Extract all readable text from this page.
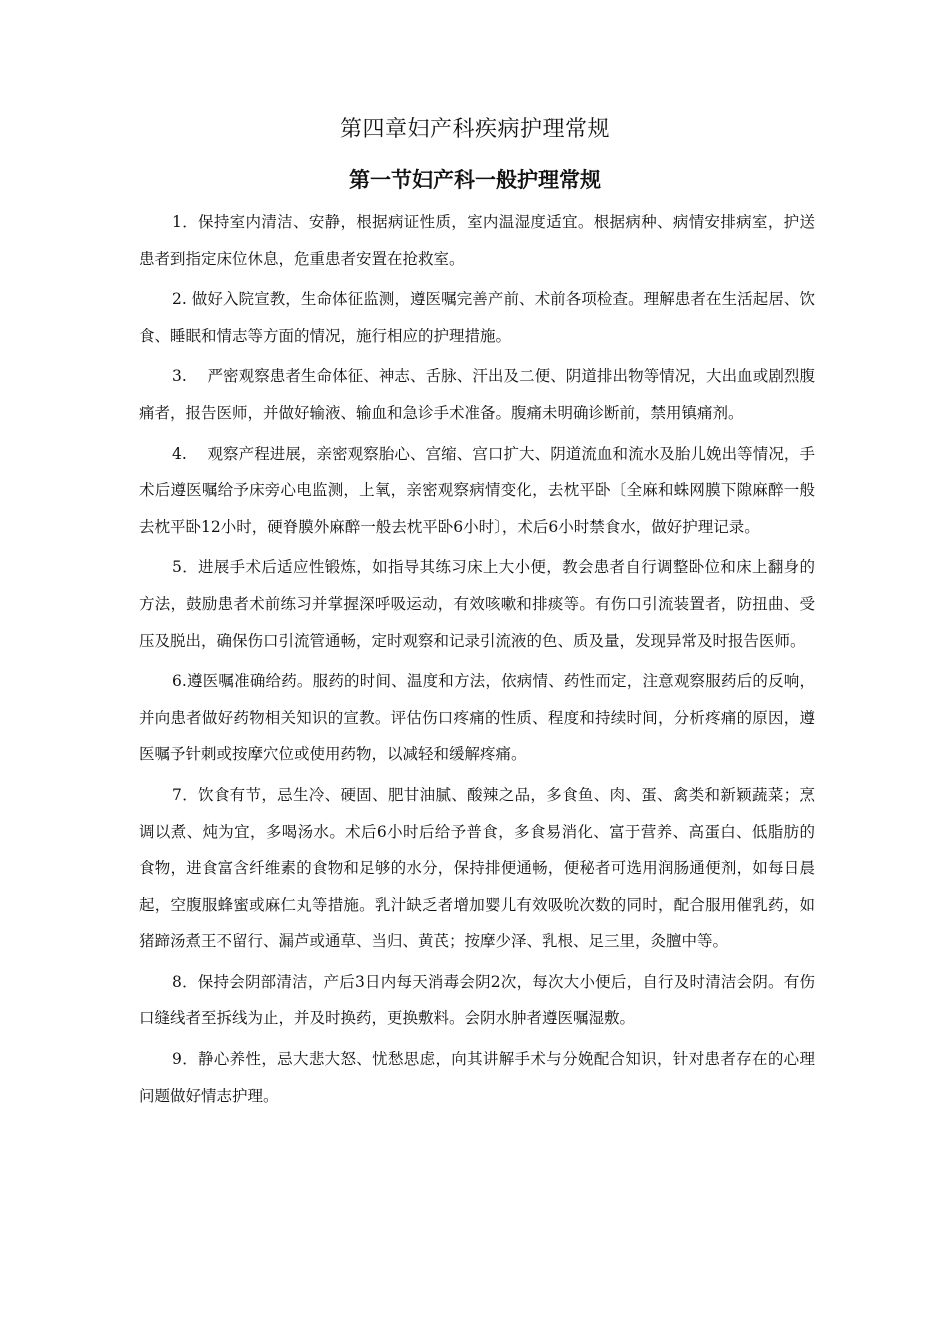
第四章妇产科疾病护理常规
第一节妇产科一般护理常规

1．保持室内清洁、安静，根据病证性质，室内温湿度适宜。根据病种、病情安排病室，护送患者到指定床位休息，危重患者安置在抢救室。

2. 做好入院宣教，生命体征监测，遵医嘱完善产前、术前各项检查。理解患者在生活起居、饮食、睡眠和情志等方面的情况，施行相应的护理措施。

3.　 严密观察患者生命体征、神志、舌脉、汗出及二便、阴道排出物等情况，大出血或剧烈腹痛者，报告医师，并做好输液、输血和急诊手术准备。腹痛未明确诊断前，禁用镇痛剂。

4.　 观察产程进展，亲密观察胎心、宫缩、宫口扩大、阴道流血和流水及胎儿娩出等情况，手术后遵医嘱给予床旁心电监测，上氧，亲密观察病情变化，去枕平卧〔全麻和蛛网膜下隙麻醉一般去枕平卧12小时，硬脊膜外麻醉一般去枕平卧6小时〕，术后6小时禁食水，做好护理记录。

5．进展手术后适应性锻炼，如指导其练习床上大小便，教会患者自行调整卧位和床上翻身的方法，鼓励患者术前练习并掌握深呼吸运动，有效咳嗽和排痰等。有伤口引流装置者，防扭曲、受压及脱出，确保伤口引流管通畅，定时观察和记录引流液的色、质及量，发现异常及时报告医师。

6.遵医嘱准确给药。服药的时间、温度和方法，依病情、药性而定，注意观察服药后的反响，并向患者做好药物相关知识的宣教。评估伤口疼痛的性质、程度和持续时间，分析疼痛的原因，遵医嘱予针刺或按摩穴位或使用药物，以减轻和缓解疼痛。

7．饮食有节，忌生冷、硬固、肥甘油腻、酸辣之品，多食鱼、肉、蛋、禽类和新颖蔬菜；烹调以煮、炖为宜，多喝汤水。术后6小时后给予普食，多食易消化、富于营养、高蛋白、低脂肪的食物，进食富含纤维素的食物和足够的水分，保持排便通畅，便秘者可选用润肠通便剂，如每日晨起，空腹服蜂蜜或麻仁丸等措施。乳汁缺乏者增加婴儿有效吸吮次数的同时，配合服用催乳药，如猪蹄汤煮王不留行、漏芦或通草、当归、黄芪；按摩少泽、乳根、足三里，灸膻中等。

8．保持会阴部清洁，产后3日内每天消毒会阴2次，每次大小便后，自行及时清洁会阴。有伤口缝线者至拆线为止，并及时换药，更换敷料。会阴水肿者遵医嘱湿敷。

9．静心养性，忌大悲大怒、忧愁思虑，向其讲解手术与分娩配合知识，针对患者存在的心理问题做好情志护理。
